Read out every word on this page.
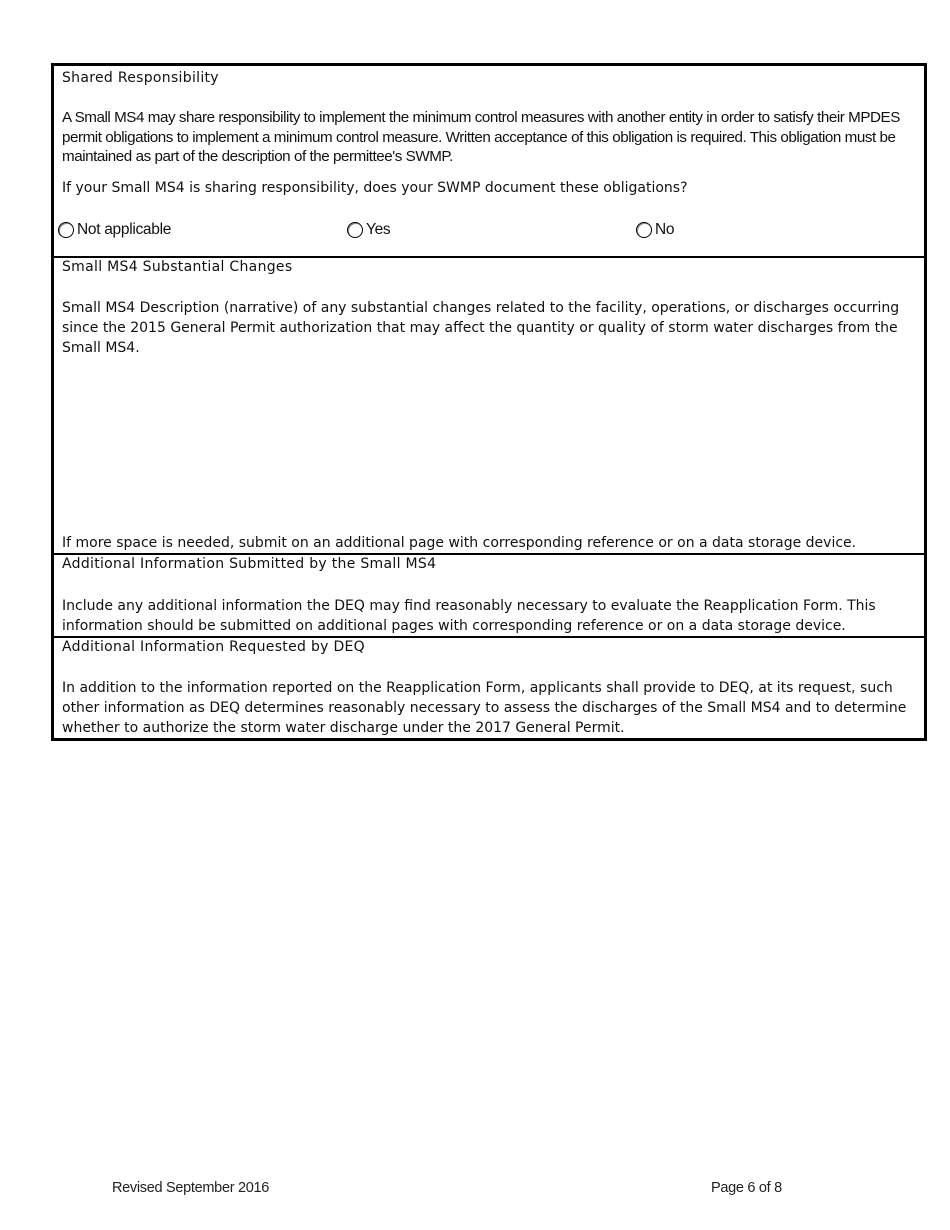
Shared Responsibility
A Small MS4 may share responsibility to implement the minimum control measures with another entity in order to satisfy their MPDES permit obligations to implement a minimum control measure. Written acceptance of this obligation is required. This obligation must be maintained as part of the description of the permittee's SWMP.
If your Small MS4 is sharing responsibility, does your SWMP document these obligations?
Not applicable	Yes	No
Small MS4 Substantial Changes
Small MS4 Description (narrative) of any substantial changes related to the facility, operations, or discharges occurring since the 2015 General Permit authorization that may affect the quantity or quality of storm water discharges from the Small MS4.
If more space is needed, submit on an additional page with corresponding reference or on a data storage device.
Additional Information Submitted by the Small MS4
Include any additional information the DEQ may find reasonably necessary to evaluate the Reapplication Form. This information should be submitted on additional pages with corresponding reference or on a data storage device.
Additional Information Requested by DEQ
In addition to the information reported on the Reapplication Form, applicants shall provide to DEQ, at its request, such other information as DEQ determines reasonably necessary to assess the discharges of the Small MS4 and to determine whether to authorize the storm water discharge under the 2017 General Permit.
Revised September 2016	Page 6 of 8
